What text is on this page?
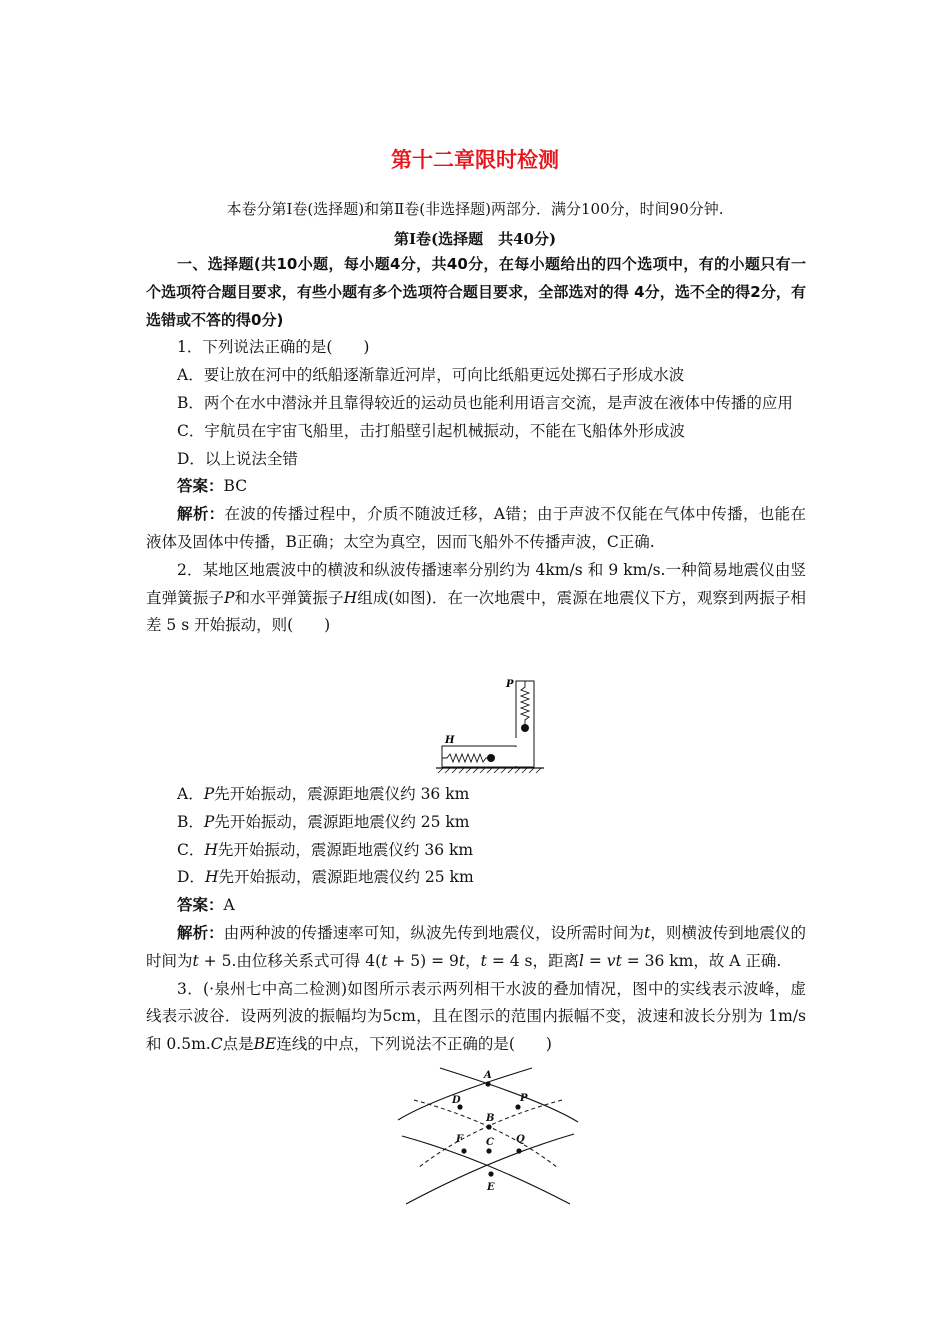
第十二章限时检测
本卷分第Ⅰ卷(选择题)和第Ⅱ卷(非选择题)两部分．满分100分，时间90分钟.
第Ⅰ卷(选择题　共40分)

一、选择题(共10小题，每小题4分，共40分，在每小题给出的四个选项中，有的小题只有一个选项符合题目要求，有些小题有多个选项符合题目要求，全部选对的得 4分，选不全的得2分，有选错或不答的得0分)

1．下列说法正确的是(　　)

A．要让放在河中的纸船逐渐靠近河岸，可向比纸船更远处掷石子形成水波

B．两个在水中潜泳并且靠得较近的运动员也能利用语言交流，是声波在液体中传播的应用

C．宇航员在宇宙飞船里，击打船壁引起机械振动，不能在飞船体外形成波

D．以上说法全错

答案：BC

解析：在波的传播过程中，介质不随波迁移，A错；由于声波不仅能在气体中传播，也能在液体及固体中传播，B正确；太空为真空，因而飞船外不传播声波，C正确.

2．某地区地震波中的横波和纵波传播速率分别约为 4km/s 和 9 km/s.一种简易地震仪由竖直弹簧振子P和水平弹簧振子H组成(如图)．在一次地震中，震源在地震仪下方，观察到两振子相差 5 s 开始振动，则(　　)

P
H

A．P先开始振动，震源距地震仪约 36 km

B．P先开始振动，震源距地震仪约 25 km

C．H先开始振动，震源距地震仪约 36 km

D．H先开始振动，震源距地震仪约 25 km

答案：A

解析：由两种波的传播速率可知，纵波先传到地震仪，设所需时间为t，则横波传到地震仪的时间为t + 5.由位移关系式可得 4(t + 5) = 9t，t = 4 s，距离l = vt = 36 km，故 A 正确.

3．(·泉州七中高二检测)如图所示表示两列相干水波的叠加情况，图中的实线表示波峰，虚线表示波谷．设两列波的振幅均为5cm，且在图示的范围内振幅不变，波速和波长分别为 1m/s 和 0.5m.C点是BE连线的中点，下列说法不正确的是(　　)

A
D
B
P
F C Q
E
